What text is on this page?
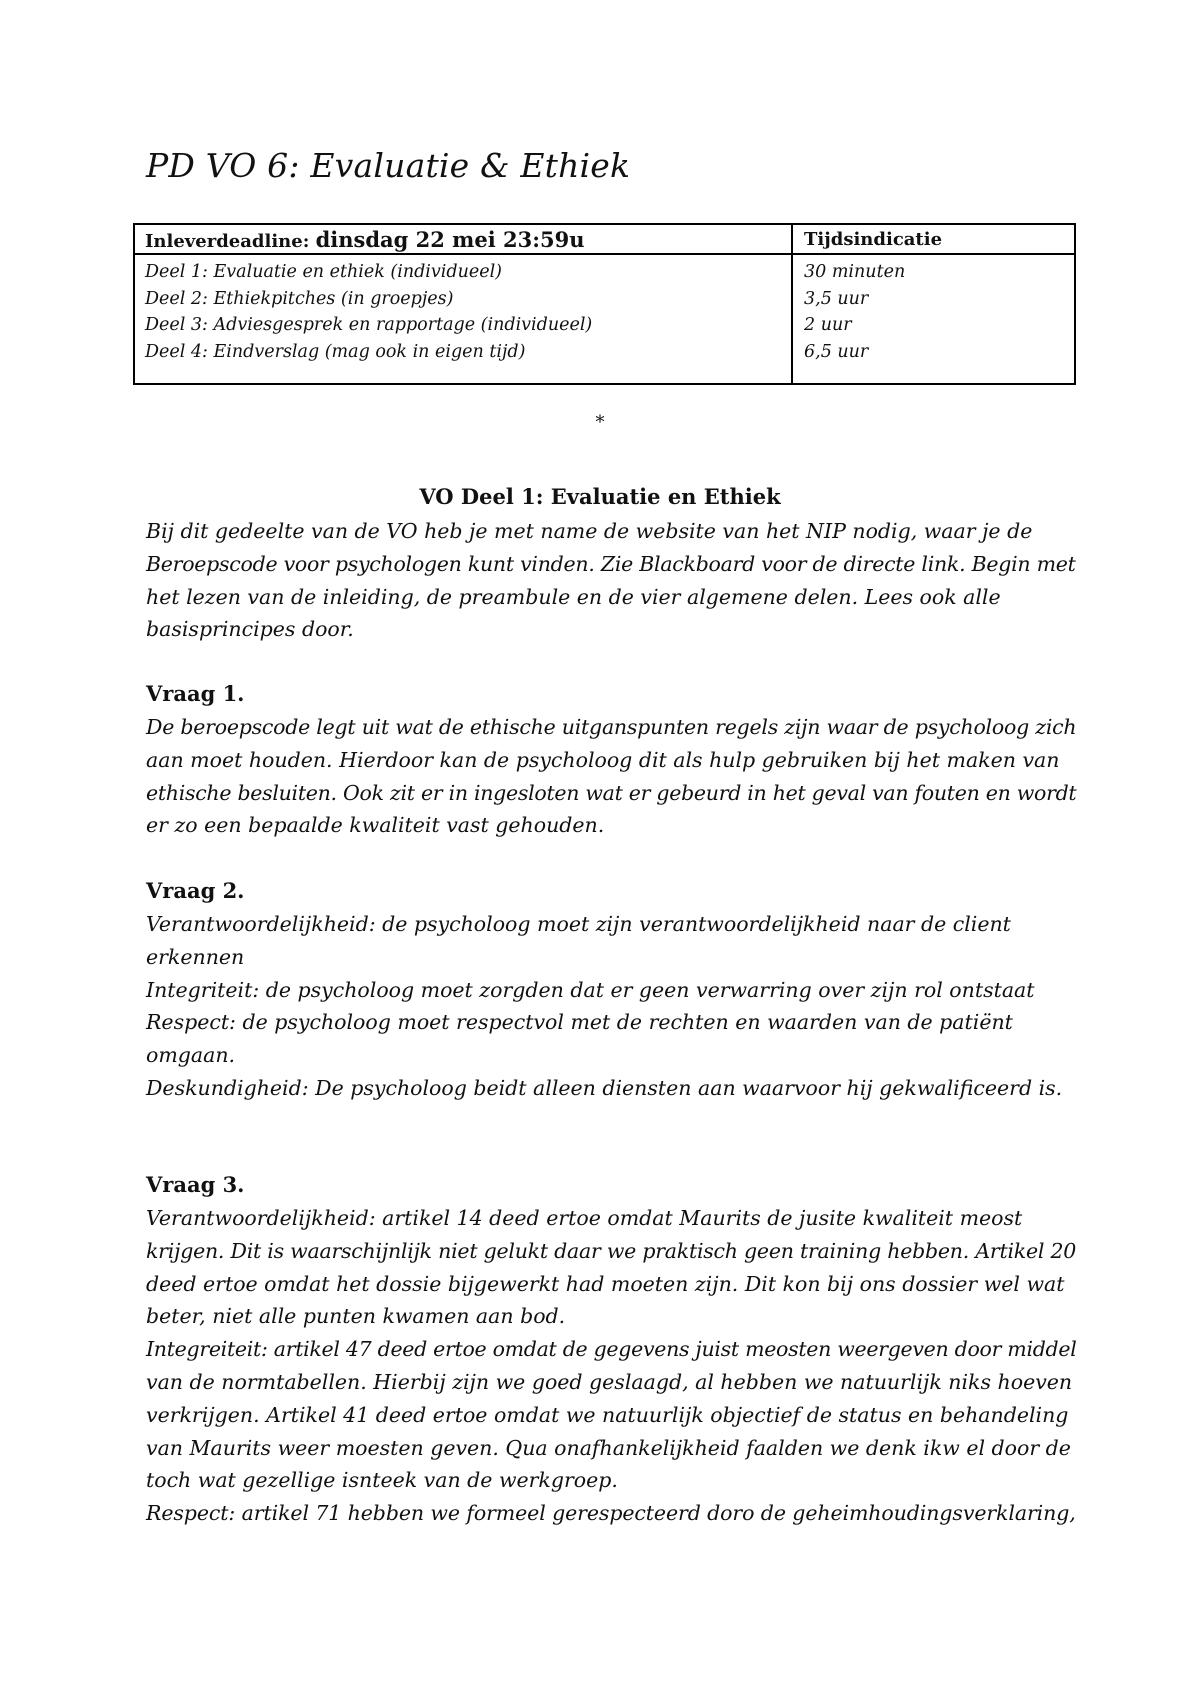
PD VO 6: Evaluatie & Ethiek
Inleverdeadline: dinsdag 22 mei 23:59u	Tijdsindicatie
Deel 1: Evaluatie en ethiek (individueel)
Deel 2: Ethiekpitches (in groepjes)
Deel 3: Adviesgesprek en rapportage (individueel)
Deel 4: Eindverslag (mag ook in eigen tijd)
30 minuten
3,5 uur
2 uur
6,5 uur
*
VO Deel 1: Evaluatie en Ethiek

Bij dit gedeelte van de VO heb je met name de website van het NIP nodig, waar je de
Beroepscode voor psychologen kunt vinden. Zie Blackboard voor de directe link. Begin met
het lezen van de inleiding, de preambule en de vier algemene delen. Lees ook alle
basisprincipes door.

Vraag 1.

De beroepscode legt uit wat de ethische uitganspunten regels zijn waar de psycholoog zich
aan moet houden. Hierdoor kan de psycholoog dit als hulp gebruiken bij het maken van
ethische besluiten. Ook zit er in ingesloten wat er gebeurd in het geval van fouten en wordt
er zo een bepaalde kwaliteit vast gehouden.

Vraag 2.

Verantwoordelijkheid: de psycholoog moet zijn verantwoordelijkheid naar de client
erkennen
Integriteit: de psycholoog moet zorgden dat er geen verwarring over zijn rol ontstaat
Respect: de psycholoog moet respectvol met de rechten en waarden van de patiënt
omgaan.
Deskundigheid: De psycholoog beidt alleen diensten aan waarvoor hij gekwalificeerd is.

Vraag 3.

Verantwoordelijkheid: artikel 14 deed ertoe omdat Maurits de jusite kwaliteit meost
krijgen. Dit is waarschijnlijk niet gelukt daar we praktisch geen training hebben. Artikel 20
deed ertoe omdat het dossie bijgewerkt had moeten zijn. Dit kon bij ons dossier wel wat
beter, niet alle punten kwamen aan bod.
Integreiteit: artikel 47 deed ertoe omdat de gegevens juist meosten weergeven door middel
van de normtabellen. Hierbij zijn we goed geslaagd, al hebben we natuurlijk niks hoeven
verkrijgen. Artikel 41 deed ertoe omdat we natuurlijk objectief de status en behandeling
van Maurits weer moesten geven. Qua onafhankelijkheid faalden we denk ikw el door de
toch wat gezellige isnteek van de werkgroep.
Respect: artikel 71 hebben we formeel gerespecteerd doro de geheimhoudingsverklaring,
